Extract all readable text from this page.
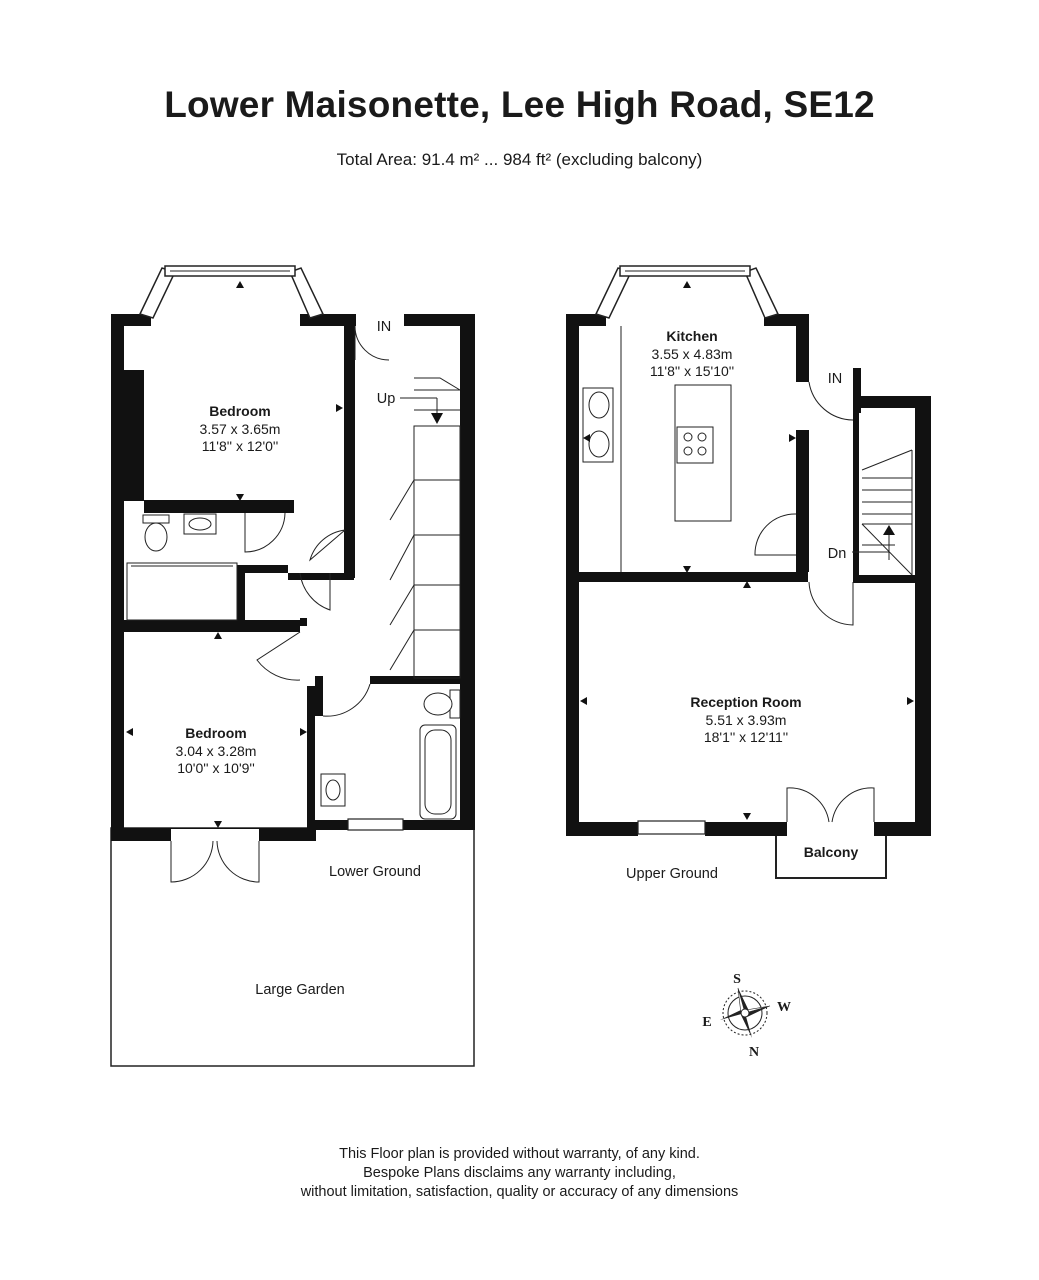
Lower Maisonette, Lee High Road, SE12
Total Area: 91.4 m² ... 984 ft² (excluding balcony)
Bedroom
3.57 x 3.65m
11'8'' x 12'0''
Bedroom
3.04 x 3.28m
10'0'' x 10'9''
IN
Up
Lower Ground
Large Garden
Kitchen
3.55 x 4.83m
11'8'' x 15'10''
Reception Room
5.51 x 3.93m
18'1'' x 12'11''
Balcony
IN
Dn
Upper Ground
S
W
E
N
This Floor plan is provided without warranty, of any kind.
Bespoke Plans disclaims any warranty including,
without limitation, satisfaction, quality or accuracy of any dimensions
